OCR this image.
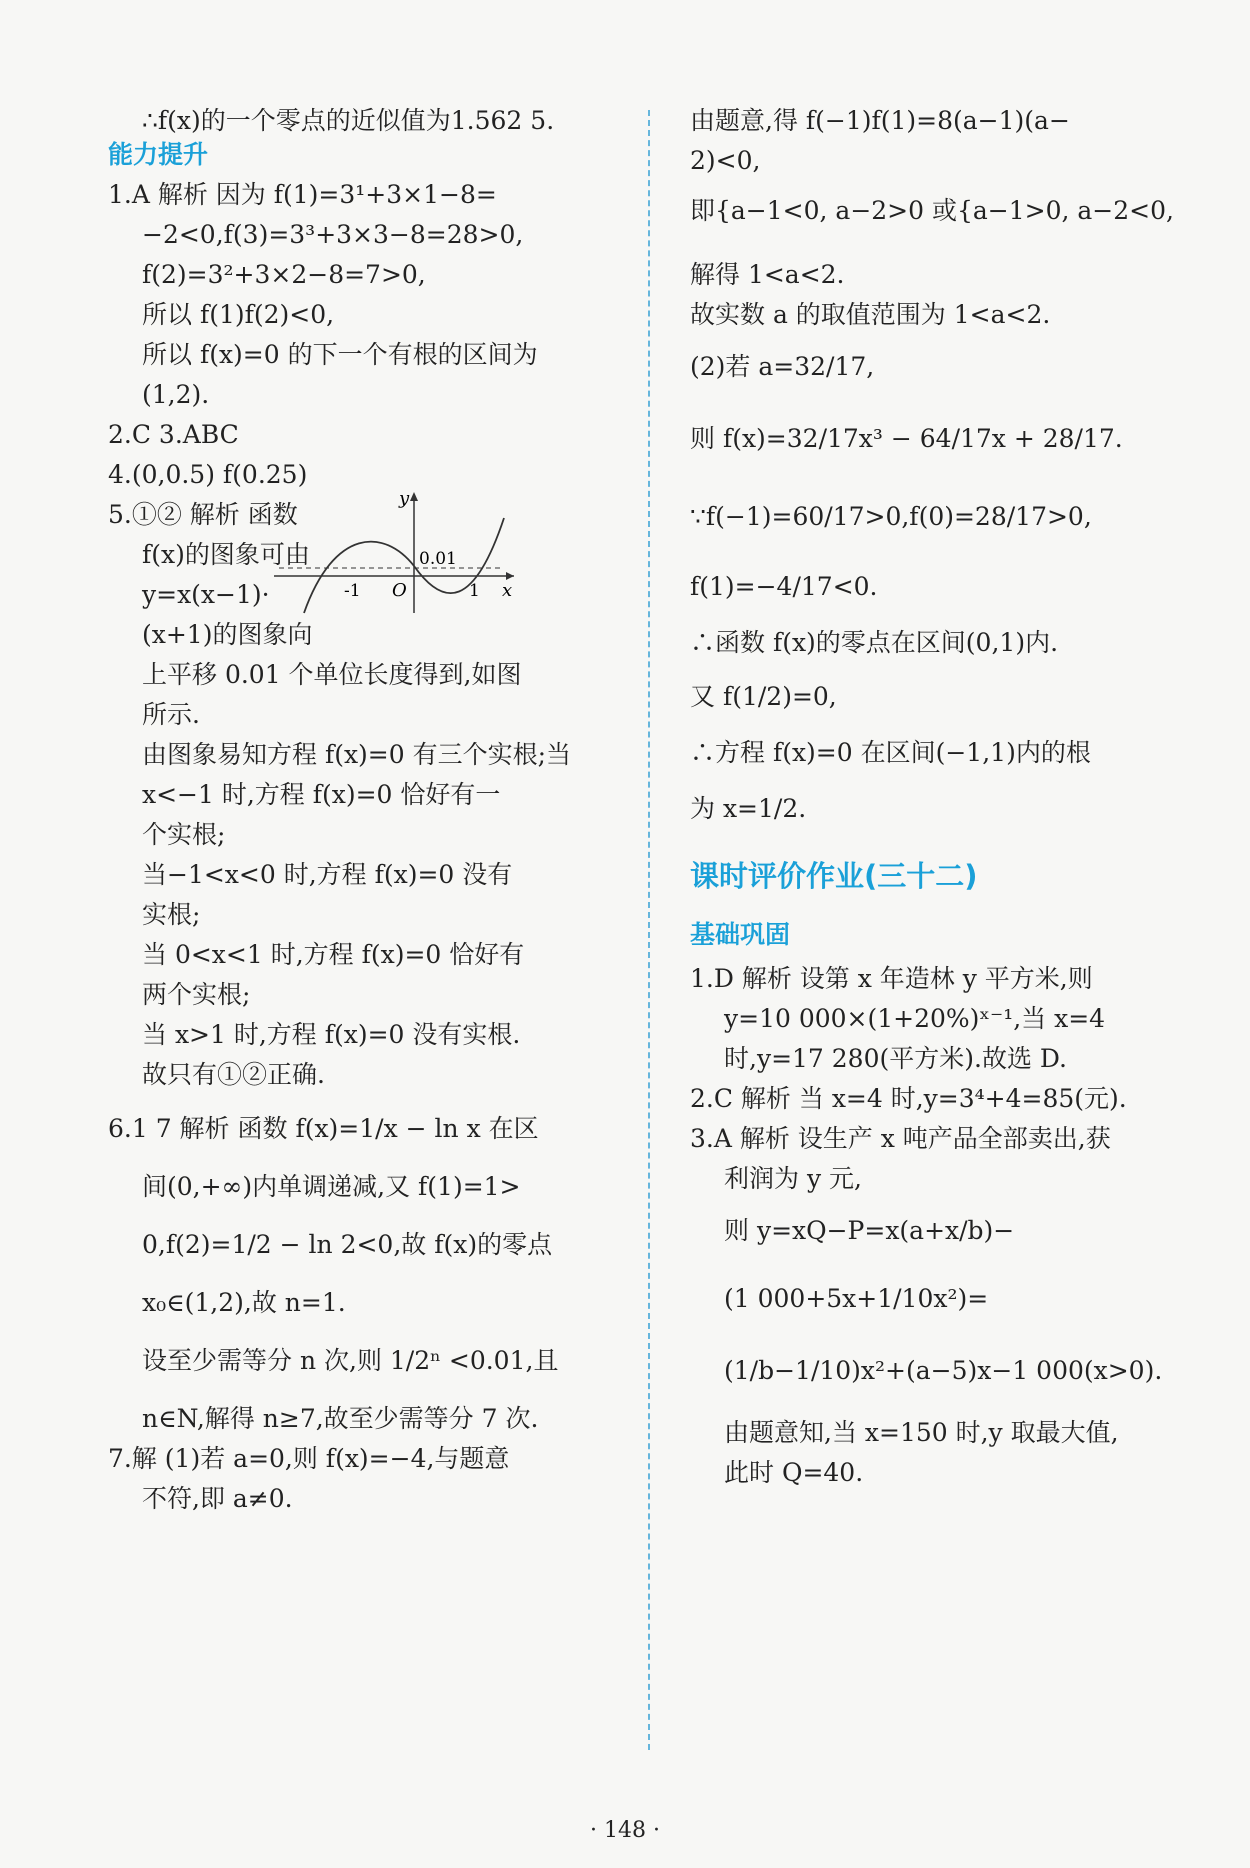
∴f(x)的一个零点的近似值为1.562 5.
能力提升
1.A 解析 因为 f(1)=3¹+3×1−8=
−2<0,f(3)=3³+3×3−8=28>0,
f(2)=3²+3×2−8=7>0,
所以 f(1)f(2)<0,
所以 f(x)=0 的下一个有根的区间为
(1,2).
2.C 3.ABC
4.(0,0.5) f(0.25)
5.①② 解析 函数
f(x)的图象可由
y=x(x−1)·
(x+1)的图象向
上平移 0.01 个单位长度得到,如图
所示.
由图象易知方程 f(x)=0 有三个实根;当
x<−1 时,方程 f(x)=0 恰好有一
个实根;
当−1<x<0 时,方程 f(x)=0 没有
实根;
当 0<x<1 时,方程 f(x)=0 恰好有
两个实根;
当 x>1 时,方程 f(x)=0 没有实根.
故只有①②正确.
6.1 7 解析 函数 f(x)=1/x − ln x 在区
间(0,+∞)内单调递减,又 f(1)=1>
0,f(2)=1/2 − ln 2<0,故 f(x)的零点
x₀∈(1,2),故 n=1.
设至少需等分 n 次,则 1/2ⁿ <0.01,且
n∈N,解得 n≥7,故至少需等分 7 次.
7.解 (1)若 a=0,则 f(x)=−4,与题意
不符,即 a≠0.
由题意,得 f(−1)f(1)=8(a−1)(a−
2)<0,
即{a−1<0, a−2>0 或{a−1>0, a−2<0,
解得 1<a<2.
故实数 a 的取值范围为 1<a<2.
(2)若 a=32/17,
则 f(x)=32/17x³ − 64/17x + 28/17.
∵f(−1)=60/17>0,f(0)=28/17>0,
f(1)=−4/17<0.
∴函数 f(x)的零点在区间(0,1)内.
又 f(1/2)=0,
∴方程 f(x)=0 在区间(−1,1)内的根
为 x=1/2.
课时评价作业(三十二)
基础巩固
1.D 解析 设第 x 年造林 y 平方米,则
y=10 000×(1+20%)ˣ⁻¹,当 x=4
时,y=17 280(平方米).故选 D.
2.C 解析 当 x=4 时,y=3⁴+4=85(元).
3.A 解析 设生产 x 吨产品全部卖出,获
利润为 y 元,
则 y=xQ−P=x(a+x/b)−
(1 000+5x+1/10x²)=
(1/b−1/10)x²+(a−5)x−1 000(x>0).
由题意知,当 x=150 时,y 取最大值,
此时 Q=40.
y
x
O
-1	1
0.01
· 148 ·
